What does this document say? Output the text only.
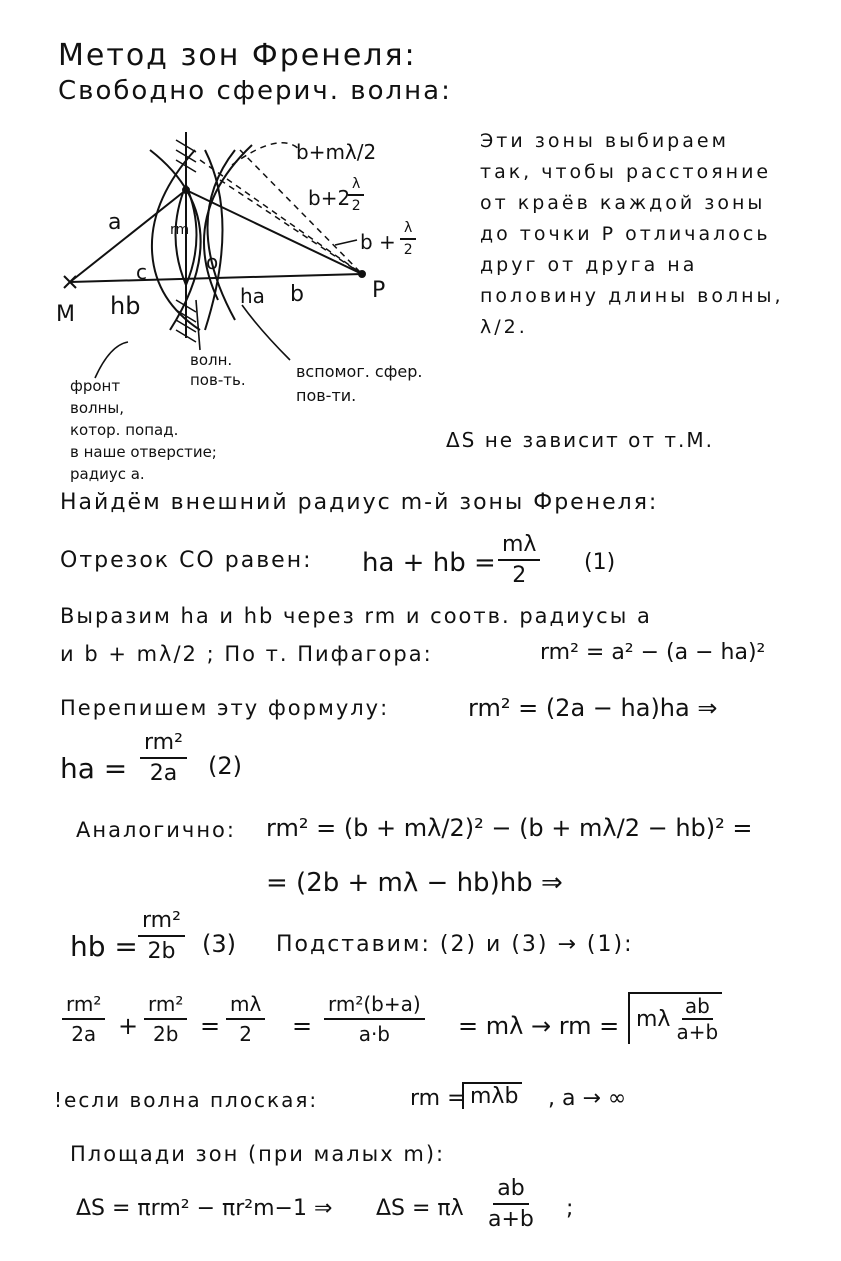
Метод зон Френеля:
Свободно сферич. волна:
b+mλ/2
b+2
$\frac{\lambda}{2}$
$b + \frac{\lambda}{2}$
a	rm
c	o
M hb	ha b	P
фронт
волны,
котор. попад.
в наше отверстие;
радиус a.
волн.
пов-ть.	вспомог. сфер.
пов-ти.
Эти зоны выбираем
так, чтобы расстояние
от краёв каждой зоны
до точки P отличалось
друг от друга на
половину длины волны,
λ/2.
ΔS не зависит от т.M.
Найдём внешний радиус m-й зоны Френеля:
Отрезок CO равен: ha + hb = $\frac{m\lambda}{2} (1)$
Выразим ha и hb через rm и соотв. радиусы a
и b + mλ/2 ; По т. Пифагора:	rm² = a² − (a − ha)²
Перепишем эту формулу:	rm² = (2a − ha)ha ⇒
ha = $\frac{\text{rm²}}{2a} (2)$
Аналогично: rm² = (b + mλ/2)² − (b + mλ/2 − hb)² =
= (2b + mλ − hb)hb ⇒
hb = $\frac{\text{rm²}}{2b} (3)$ Подставим: (2) и (3) → (1):
$\frac{\text{rm²}}{2a} + \frac{\text{rm²}}{2b} = \frac{m\lambda}{2} = \frac{\text{rm²(b+a)}}{a\cdot b} = m\lambda$ → rm = mλ
ab
a+b
!если волна плоская:	rm = mλb , a → ∞
Площади зон (при малых m):
ΔS = πrm² − πr²m−1 ⇒ ΔS = πλ $\frac{ab}{a+b}$ ;
